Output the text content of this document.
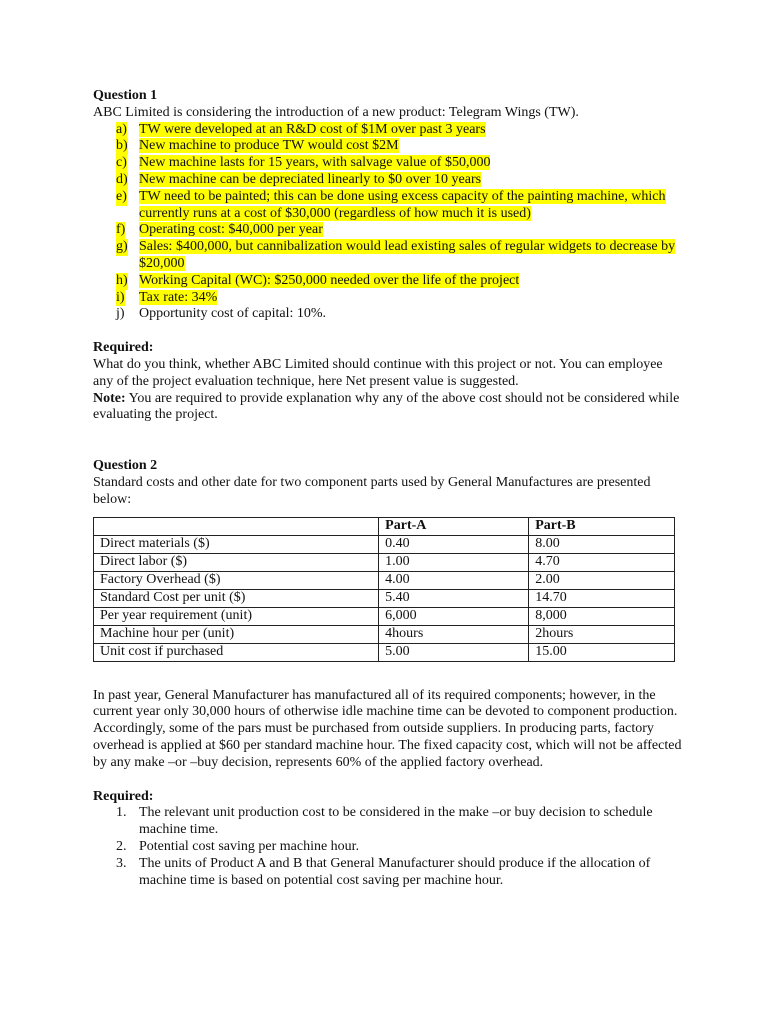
Question 1

ABC Limited is considering the introduction of a new product: Telegram Wings (TW).

a) TW were developed at an R&D cost of $1M over past 3 years
b) New machine to produce TW would cost $2M
c) New machine lasts for 15 years, with salvage value of $50,000
d) New machine can be depreciated linearly to $0 over 10 years
e) TW need to be painted; this can be done using excess capacity of the painting machine, which currently runs at a cost of $30,000 (regardless of how much it is used)
f) Operating cost: $40,000 per year
g) Sales: $400,000, but cannibalization would lead existing sales of regular widgets to decrease by $20,000
h) Working Capital (WC): $250,000 needed over the life of the project
i) Tax rate: 34%
j) Opportunity cost of capital: 10%.

Required:

What do you think, whether ABC Limited should continue with this project or not. You can employee any of the project evaluation technique, here Net present value is suggested.

Note: You are required to provide explanation why any of the above cost should not be considered while evaluating the project.

Question 2

Standard costs and other date for two component parts used by General Manufactures are presented below:

	Part-A	Part-B
Direct materials ($)	0.40	8.00
Direct labor ($)	1.00	4.70
Factory Overhead ($)	4.00	2.00
Standard Cost per unit ($)	5.40	14.70
Per year requirement (unit)	6,000	8,000
Machine hour per (unit)	4hours	2hours
Unit cost if purchased	5.00	15.00

In past year, General Manufacturer has manufactured all of its required components; however, in the current year only 30,000 hours of otherwise idle machine time can be devoted to component production. Accordingly, some of the pars must be purchased from outside suppliers. In producing parts, factory overhead is applied at $60 per standard machine hour. The fixed capacity cost, which will not be affected by any make –or –buy decision, represents 60% of the applied factory overhead.

Required:

1. The relevant unit production cost to be considered in the make –or buy decision to schedule machine time.
2. Potential cost saving per machine hour.
3. The units of Product A and B that General Manufacturer should produce if the allocation of machine time is based on potential cost saving per machine hour.
